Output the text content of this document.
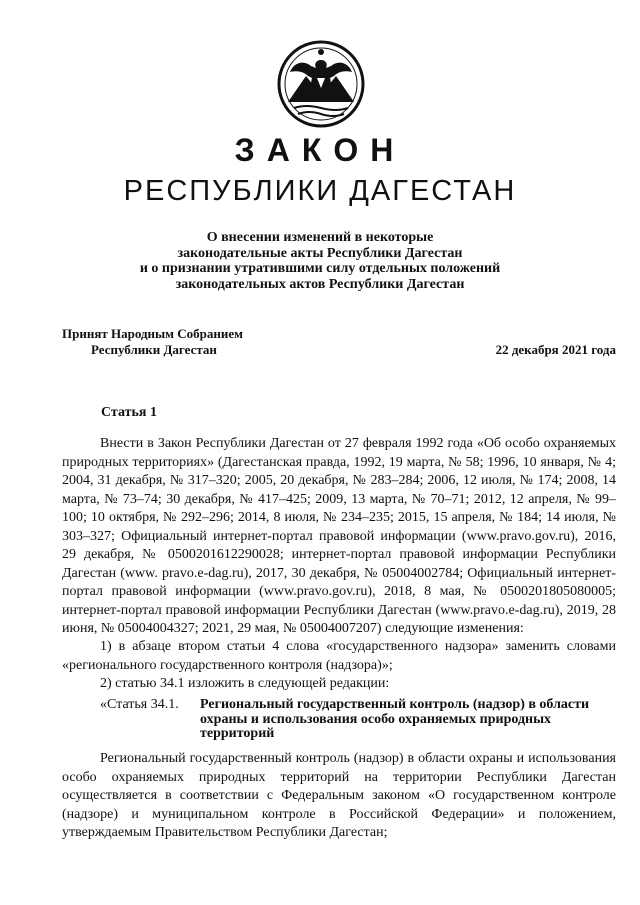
ЗАКОН
РЕСПУБЛИКИ ДАГЕСТАН
О внесении изменений в некоторые
законодательные акты Республики Дагестан
и о признании утратившими силу отдельных положений
законодательных актов Республики Дагестан
Принят Народным Собранием
Республики Дагестан	22 декабря 2021 года
Статья 1
Внести в Закон Республики Дагестан от 27 февраля 1992 года «Об особо охраняемых природных территориях» (Дагестанская правда, 1992, 19 марта, № 58; 1996, 10 января, № 4; 2004, 31 декабря, № 317–320; 2005, 20 декабря, № 283–284; 2006, 12 июля, № 174; 2008, 14 марта, № 73–74; 30 декабря, № 417–425; 2009, 13 марта, № 70–71; 2012, 12 апреля, № 99–100; 10 октября, № 292–296; 2014, 8 июля, № 234–235; 2015, 15 апреля, № 184; 14 июля, № 303–327; Официальный интернет-портал правовой информации (www.pravo.gov.ru), 2016, 29 декабря, № 0500201612290028; интернет-портал правовой информации Республики Дагестан (www. pravo.e-dag.ru), 2017, 30 декабря, № 05004002784; Официальный интернет-портал правовой информации (www.pravo.gov.ru), 2018, 8 мая, № 0500201805080005; интернет-портал правовой информации Республики Дагестан (www.pravo.e-dag.ru), 2019, 28 июня, № 05004004327; 2021, 29 мая, № 05004007207) следующие изменения:
1) в абзаце втором статьи 4 слова «государственного надзора» заменить словами «регионального государственного контроля (надзора)»;
2) статью 34.1 изложить в следующей редакции:
«Статья 34.1. Региональный государственный контроль (надзор) в области охраны и использования особо охраняемых природных территорий
Региональный государственный контроль (надзор) в области охраны и использования особо охраняемых природных территорий на территории Республики Дагестан осуществляется в соответствии с Федеральным законом «О государственном контроле (надзоре) и муниципальном контроле в Российской Федерации» и положением, утверждаемым Правительством Республики Дагестан;
